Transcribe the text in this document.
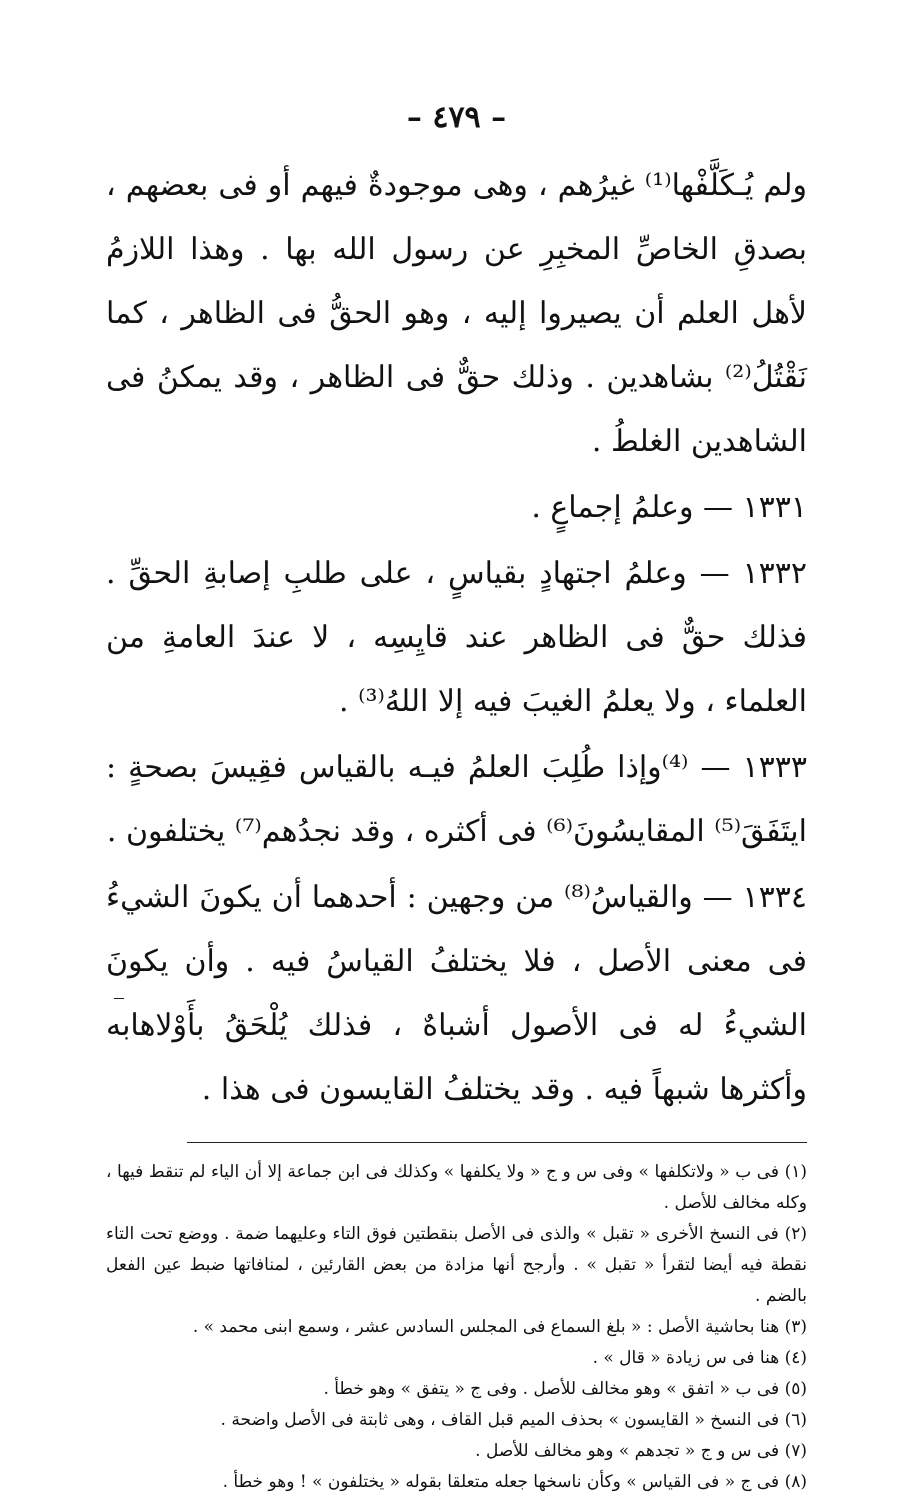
– ٤٧٩ –

ولم يُـكَلَّفْها⁽¹⁾ غيرُهم ، وهى موجودةٌ فيهم أو فى بعضهم ، بصدقِ الخاصِّ المخبِرِ عن رسول الله بها . وهذا اللازمُ لأهل العلم أن يصيروا إليه ، وهو الحقُّ فى الظاهر ، كما نَقْتُلُ⁽²⁾ بشاهدين . وذلك حقٌّ فى الظاهر ، وقد يمكنُ فى الشاهدين الغلطُ .

١٣٣١ — وعلمُ إجماعٍ .

١٣٣٢ — وعلمُ اجتهادٍ بقياسٍ ، على طلبِ إصابةِ الحقِّ . فذلك حقٌّ فى الظاهر عند قايِسِه ، لا عندَ العامةِ من العلماء ، ولا يعلمُ الغيبَ فيه إلا اللهُ⁽³⁾ .

١٣٣٣ — ⁽⁴⁾وإذا طُلِبَ العلمُ فيـه بالقياس فقِيسَ بصحةٍ : ايتَفَقَ⁽⁵⁾ المقايسُونَ⁽⁶⁾ فى أكثره ، وقد نجدُهم⁽⁷⁾ يختلفون .

١٣٣٤ — والقياسُ⁽⁸⁾ من وجهين : أحدهما أن يكونَ الشيءُ فى معنى الأصل ، فلا يختلفُ القياسُ فيه . وأن يكونَ الشيءُ له فى الأصول أشباهٌ ، فذلك يُلْحَقُ بأَوْلاهابه وأكثرها شبهاً فيه . وقد يختلفُ القايسون فى هذا .

(١) فى ب « ولاتكلفها » وفى س و ج « ولا يكلفها » وكذلك فى ابن جماعة إلا أن الياء لم تنقط فيها ، وكله مخالف للأصل .

(٢) فى النسخ الأخرى « تقبل » والذى فى الأصل بنقطتين فوق التاء وعليهما ضمة . ووضع تحت التاء نقطة فيه أيضا لتقرأ « تقبل » . وأرجح أنها مزادة من بعض القارئين ، لمنافاتها ضبط عين الفعل بالضم .

(٣) هنا بحاشية الأصل : « بلغ السماع فى المجلس السادس عشر ، وسمع ابنى محمد » .

(٤) هنا فى س زيادة « قال » .

(٥) فى ب « اتفق » وهو مخالف للأصل . وفى ج « يتفق » وهو خطأ .

(٦) فى النسخ « القايسون » بحذف الميم قبل القاف ، وهى ثابتة فى الأصل واضحة .

(٧) فى س و ج « تجدهم » وهو مخالف للأصل .

(٨) فى ج « فى القياس » وكأن ناسخها جعله متعلقا بقوله « يختلفون » ! وهو خطأ .
